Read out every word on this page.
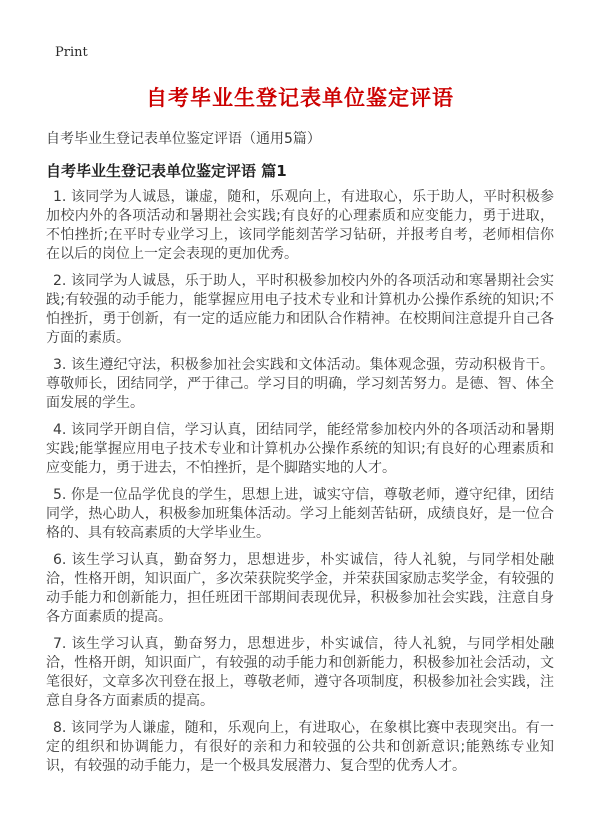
Print
自考毕业生登记表单位鉴定评语
自考毕业生登记表单位鉴定评语（通用5篇）
自考毕业生登记表单位鉴定评语 篇1

1. 该同学为人诚恳，谦虚，随和，乐观向上，有进取心，乐于助人，平时积极参加校内外的各项活动和暑期社会实践;有良好的心理素质和应变能力，勇于进取，不怕挫折;在平时专业学习上，该同学能刻苦学习钻研，并报考自考，老师相信你在以后的岗位上一定会表现的更加优秀。

2. 该同学为人诚恳，乐于助人，平时积极参加校内外的各项活动和寒暑期社会实践;有较强的动手能力，能掌握应用电子技术专业和计算机办公操作系统的知识;不怕挫折，勇于创新，有一定的适应能力和团队合作精神。在校期间注意提升自己各方面的素质。

3. 该生遵纪守法，积极参加社会实践和文体活动。集体观念强，劳动积极肯干。尊敬师长，团结同学，严于律己。学习目的明确，学习刻苦努力。是德、智、体全面发展的学生。

4. 该同学开朗自信，学习认真，团结同学，能经常参加校内外的各项活动和暑期实践;能掌握应用电子技术专业和计算机办公操作系统的知识;有良好的心理素质和应变能力，勇于进去，不怕挫折，是个脚踏实地的人才。

5. 你是一位品学优良的学生，思想上进，诚实守信，尊敬老师，遵守纪律，团结同学，热心助人，积极参加班集体活动。学习上能刻苦钻研，成绩良好，是一位合格的、具有较高素质的大学毕业生。

6. 该生学习认真，勤奋努力，思想进步，朴实诚信，待人礼貌，与同学相处融洽，性格开朗，知识面广，多次荣获院奖学金，并荣获国家励志奖学金，有较强的动手能力和创新能力，担任班团干部期间表现优异，积极参加社会实践，注意自身各方面素质的提高。

7. 该生学习认真，勤奋努力，思想进步，朴实诚信，待人礼貌，与同学相处融洽，性格开朗，知识面广，有较强的动手能力和创新能力，积极参加社会活动，文笔很好，文章多次刊登在报上，尊敬老师，遵守各项制度，积极参加社会实践，注意自身各方面素质的提高。

8. 该同学为人谦虚，随和，乐观向上，有进取心，在象棋比赛中表现突出。有一定的组织和协调能力，有很好的亲和力和较强的公共和创新意识;能熟练专业知识，有较强的动手能力，是一个极具发展潜力、复合型的优秀人才。
